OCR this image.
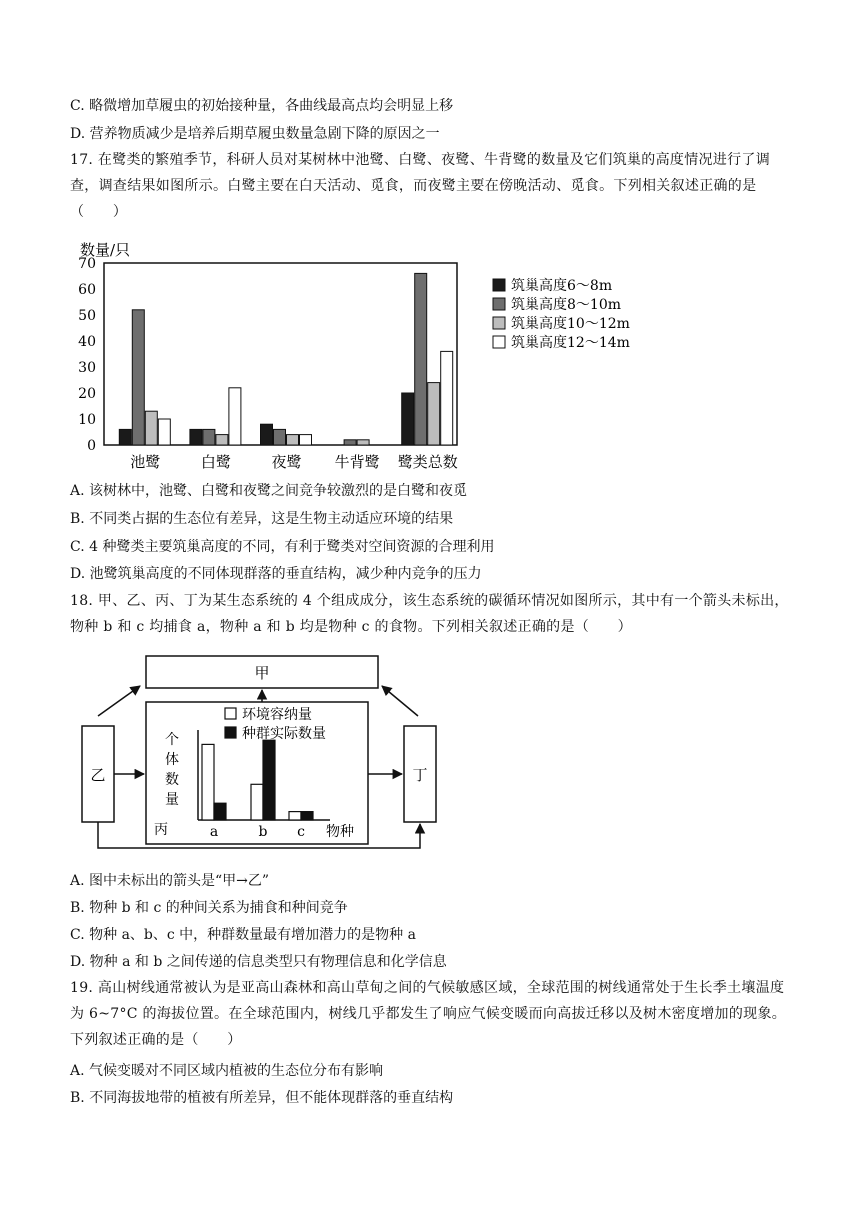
C. 略微增加草履虫的初始接种量，各曲线最高点均会明显上移
D. 营养物质减少是培养后期草履虫数量急剧下降的原因之一
17. 在鹭类的繁殖季节，科研人员对某树林中池鹭、白鹭、夜鹭、牛背鹭的数量及它们筑巢的高度情况进行了调查，调查结果如图所示。白鹭主要在白天活动、觅食，而夜鹭主要在傍晚活动、觅食。下列相关叙述正确的是（　　）
数量/只
0
10
20
30
40
50
60
70
池鹭	白鹭	夜鹭 牛背鹭 鹭类总数
筑巢高度6～8m
筑巢高度8～10m
筑巢高度10～12m
筑巢高度12～14m
A. 该树林中，池鹭、白鹭和夜鹭之间竞争较激烈的是白鹭和夜觅
B. 不同类占据的生态位有差异，这是生物主动适应环境的结果
C. 4 种鹭类主要筑巢高度的不同，有利于鹭类对空间资源的合理利用
D. 池鹭筑巢高度的不同体现群落的垂直结构，减少种内竞争的压力
18. 甲、乙、丙、丁为某生态系统的 4 个组成成分，该生态系统的碳循环情况如图所示，其中有一个箭头未标出，物种 b 和 c 均捕食 a，物种 a 和 b 均是物种 c 的食物。下列相关叙述正确的是（　　）
甲
乙	丁
个
体
数
量
物种
a	b c
环境容纳量
种群实际数量
丙
A. 图中未标出的箭头是“甲→乙”
B. 物种 b 和 c 的种间关系为捕食和种间竞争
C. 物种 a、b、c 中，种群数量最有增加潜力的是物种 a
D. 物种 a 和 b 之间传递的信息类型只有物理信息和化学信息
19. 高山树线通常被认为是亚高山森林和高山草甸之间的气候敏感区域，全球范围的树线通常处于生长季土壤温度为 6~7°C 的海拔位置。在全球范围内，树线几乎都发生了响应气候变暖而向高拔迁移以及树木密度增加的现象。下列叙述正确的是（　　）
A. 气候变暖对不同区域内植被的生态位分布有影响
B. 不同海拔地带的植被有所差异，但不能体现群落的垂直结构
